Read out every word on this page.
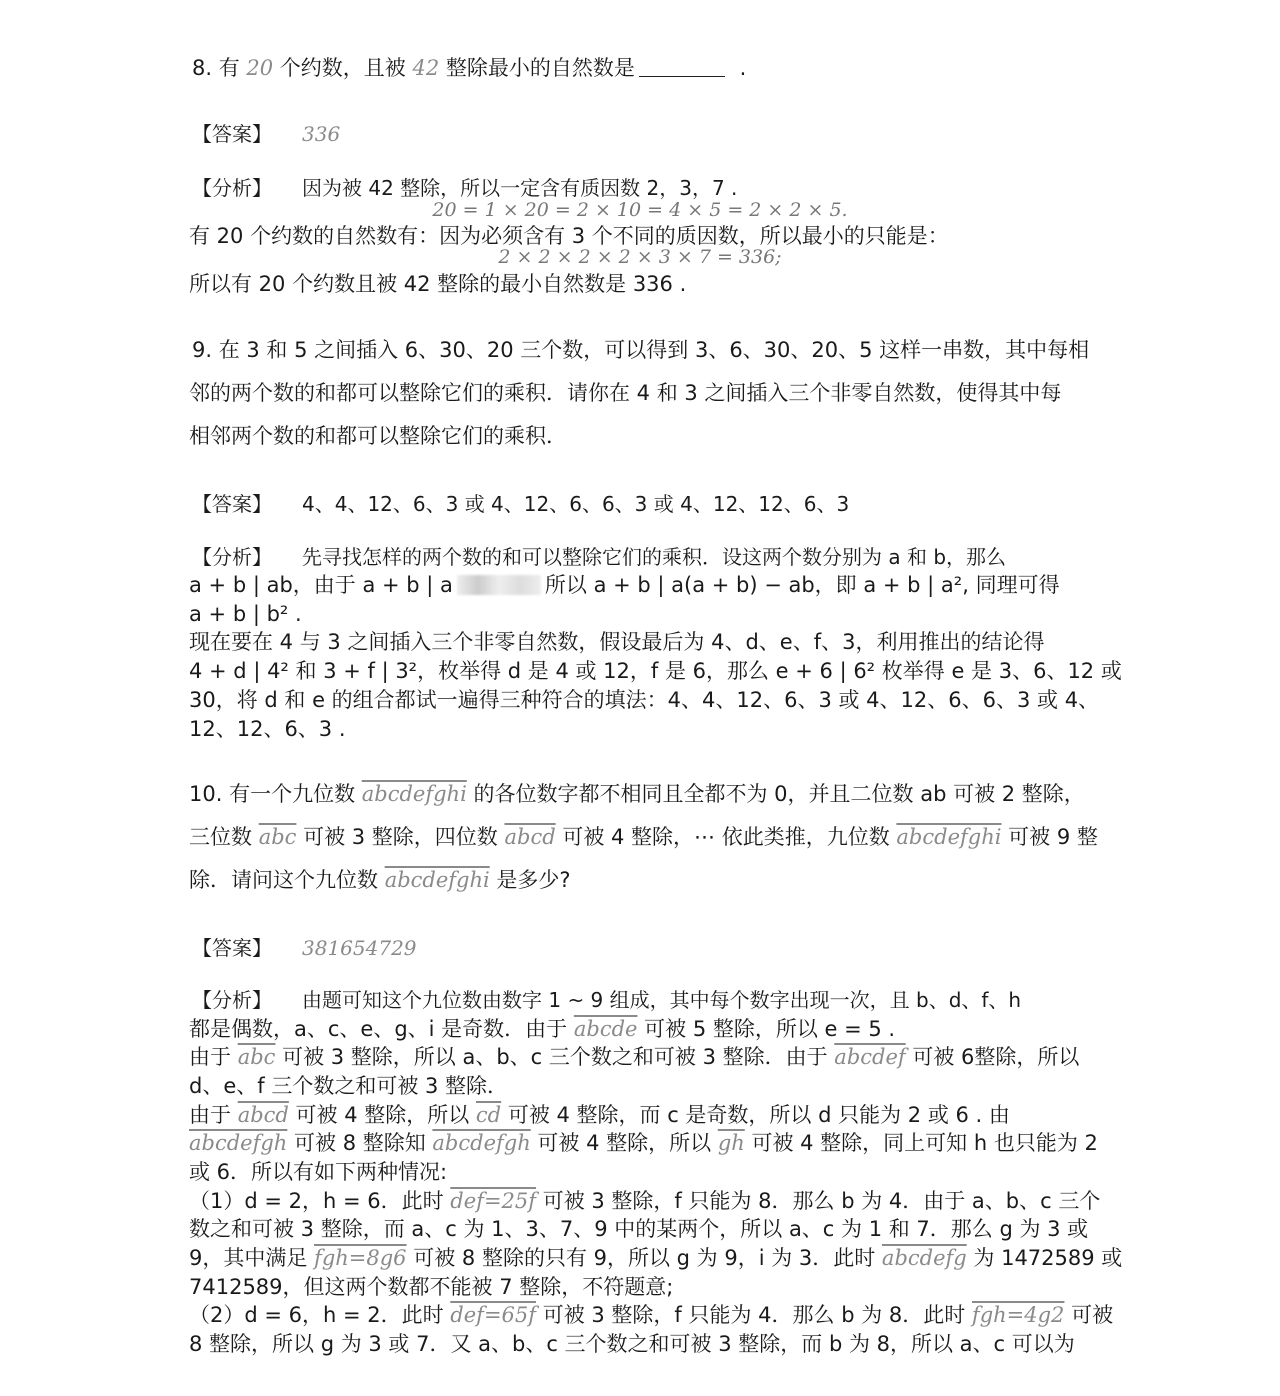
8. 有 20 个约数，且被 42 整除最小的自然数是	.
【答案】 336
【分析】 因为被 42 整除，所以一定含有质因数 2，3，7 .
20 = 1 × 20 = 2 × 10 = 4 × 5 = 2 × 2 × 5.
有 20 个约数的自然数有：因为必须含有 3 个不同的质因数，所以最小的只能是：
2 × 2 × 2 × 2 × 3 × 7 = 336;
所以有 20 个约数且被 42 整除的最小自然数是 336 .
9. 在 3 和 5 之间插入 6、30、20 三个数，可以得到 3、6、30、20、5 这样一串数，其中每相
邻的两个数的和都可以整除它们的乘积．请你在 4 和 3 之间插入三个非零自然数，使得其中每
相邻两个数的和都可以整除它们的乘积．
【答案】 4、4、12、6、3 或 4、12、6、6、3 或 4、12、12、6、3
【分析】 先寻找怎样的两个数的和可以整除它们的乘积．设这两个数分别为 a 和 b，那么
a + b | ab，由于 a + b | a	所以 a + b | a(a + b) − ab，即 a + b | a², 同理可得
a + b | b² .
现在要在 4 与 3 之间插入三个非零自然数，假设最后为 4、d、e、f、3，利用推出的结论得
4 + d | 4² 和 3 + f | 3²，枚举得 d 是 4 或 12，f 是 6，那么 e + 6 | 6² 枚举得 e 是 3、6、12 或
30，将 d 和 e 的组合都试一遍得三种符合的填法：4、4、12、6、3 或 4、12、6、6、3 或 4、
12、12、6、3 .
10. 有一个九位数 abcdefghi 的各位数字都不相同且全都不为 0，并且二位数 ab 可被 2 整除，
三位数 $\overline{abc}$ 可被 3 整除，四位数 abcd 可被 4 整除，⋯ 依此类推，九位数 abcdefghi 可被 9 整
除．请问这个九位数 abcdefghi 是多少?
【答案】 381654729
【分析】 由题可知这个九位数由数字 1 ~ 9 组成，其中每个数字出现一次，且 b、d、f、h
都是偶数，a、c、e、g、i 是奇数．由于 abcde 可被 5 整除，所以 e = 5 .
由于 $\overline{abc}$ 可被 3 整除，所以 a、b、c 三个数之和可被 3 整除．由于 abcdef 可被 6整除，所以
d、e、f 三个数之和可被 3 整除．
由于 abcd 可被 4 整除，所以 $\overline{cd}$ 可被 4 整除，而 c 是奇数，所以 d 只能为 2 或 6 . 由
abcdefgh 可被 8 整除知 abcdefgh 可被 4 整除，所以 $\overline{gh}$ 可被 4 整除，同上可知 h 也只能为 2
或 6．所以有如下两种情况:
（1）d = 2，h = 6．此时 def=25f 可被 3 整除，f 只能为 8．那么 b 为 4．由于 a、b、c 三个
数之和可被 3 整除，而 a、c 为 1、3、7、9 中的某两个，所以 a、c 为 1 和 7．那么 g 为 3 或
9，其中满足 fgh=8g6 可被 8 整除的只有 9，所以 g 为 9，i 为 3．此时 abcdefg 为 1472589 或
7412589，但这两个数都不能被 7 整除，不符题意;
（2）d = 6，h = 2．此时 def=65f 可被 3 整除，f 只能为 4．那么 b 为 8．此时 fgh=4g2 可被
8 整除，所以 g 为 3 或 7．又 a、b、c 三个数之和可被 3 整除，而 b 为 8，所以 a、c 可以为
